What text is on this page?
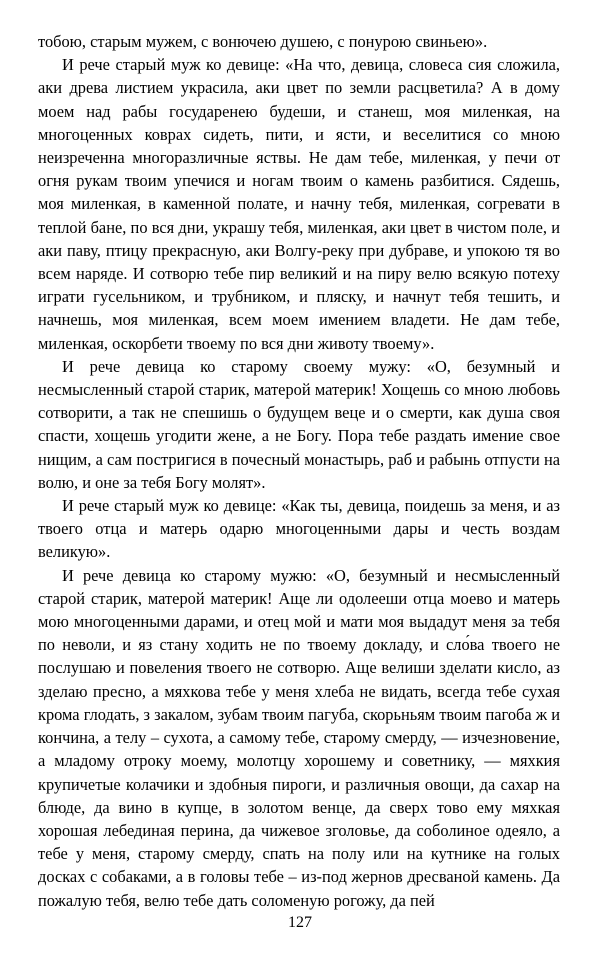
тобою, старым мужем, с вонючею душею, с понурою свиньею».

И рече старый муж ко девице: «На что, девица, словеса сия сложила, аки древа листием украсила, аки цвет по земли расцветила? А в дому моем над рабы государенею будеши, и станеш, моя миленкая, на многоценных коврах сидеть, пити, и ясти, и веселитися со мною неизреченна многоразличные яствы. Не дам тебе, миленкая, у печи от огня рукам твоим упечися и ногам твоим о камень разбитися. Сядешь, моя миленкая, в каменной полате, и начну тебя, миленкая, согревати в теплой бане, по вся дни, украшу тебя, миленкая, аки цвет в чистом поле, и аки паву, птицу прекрасную, аки Волгу-реку при дубраве, и упокою тя во всем наряде. И сотворю тебе пир великий и на пиру велю всякую потеху играти гусельником, и трубником, и пляску, и начнут тебя тешить, и начнешь, моя миленкая, всем моем имением владети. Не дам тебе, миленкая, оскорбети твоему по вся дни животу твоему».

И рече девица ко старому своему мужу: «О, безумный и несмысленный старой старик, матерой материк! Хощешь со мною любовь сотворити, а так не спешишь о будущем веце и о смерти, как душа своя спасти, хощешь угодити жене, а не Богу. Пора тебе раздать имение свое нищим, а сам постригися в почесный монастырь, раб и рабынь отпусти на волю, и оне за тебя Богу молят».

И рече старый муж ко девице: «Как ты, девица, поидешь за меня, и аз твоего отца и матерь одарю многоценными дары и честь воздам великую».

И рече девица ко старому мужю: «О, безумный и несмысленный старой старик, матерой материк! Аще ли одолееши отца моево и матерь мою многоценными дарами, и отец мой и мати моя выдадут меня за тебя по неволи, и яз стану ходить не по твоему докладу, и сло́ва твоего не послушаю и повеления твоего не сотворю. Аще велиши зделати кисло, аз зделаю пресно, а мяхкова тебе у меня хлеба не видать, всегда тебе сухая крома глодать, з закалом, зубам твоим пагуба, скорьньям твоим пагоба ж и кончина, а телу – сухота, а самому тебе, старому смерду, — изчезновение, а младому отроку моему, молотцу хорошему и советнику, — мяхкия крупичетые колачики и здобныя пироги, и различныя овощи, да сахар на блюде, да вино в купце, в золотом венце, да сверх тово ему мяхкая хорошая лебединая перина, да чижевое зголовье, да соболиное одеяло, а тебе у меня, старому смерду, спать на полу или на кутнике на голых досках с собаками, а в головы тебе – из-под жернов дресваной камень. Да пожалую тебя, велю тебе дать соломеную рогожу, да пей

127
